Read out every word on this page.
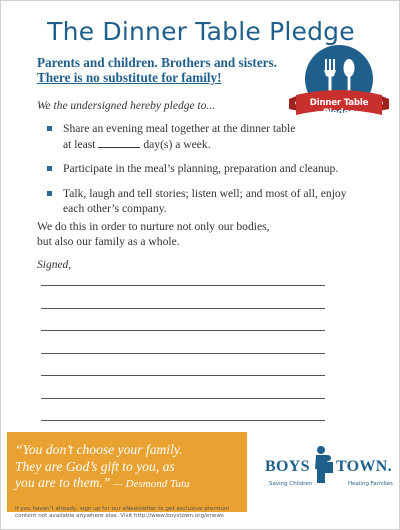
The Dinner Table Pledge
Parents and children. Brothers and sisters.
There is no substitute for family!
Dinner Table
Pledge
We the undersigned hereby pledge to...
Share an evening meal together at the dinner table
at least	day(s) a week.
Participate in the meal’s planning, preparation and cleanup.
Talk, laugh and tell stories; listen well; and most of all, enjoy
each other’s company.
We do this in order to nurture not only our bodies,
but also our family as a whole.
Signed,
“You don’t choose your family.
They are God’s gift to you, as
you are to them.” — Desmond Tutu
If you haven’t already, sign up for our eNewsletter to get exclusive premium
content not available anywhere else. Visit http://www.boystown.org/enews
BOYS TOWN.
Saving Children	Healing Families
